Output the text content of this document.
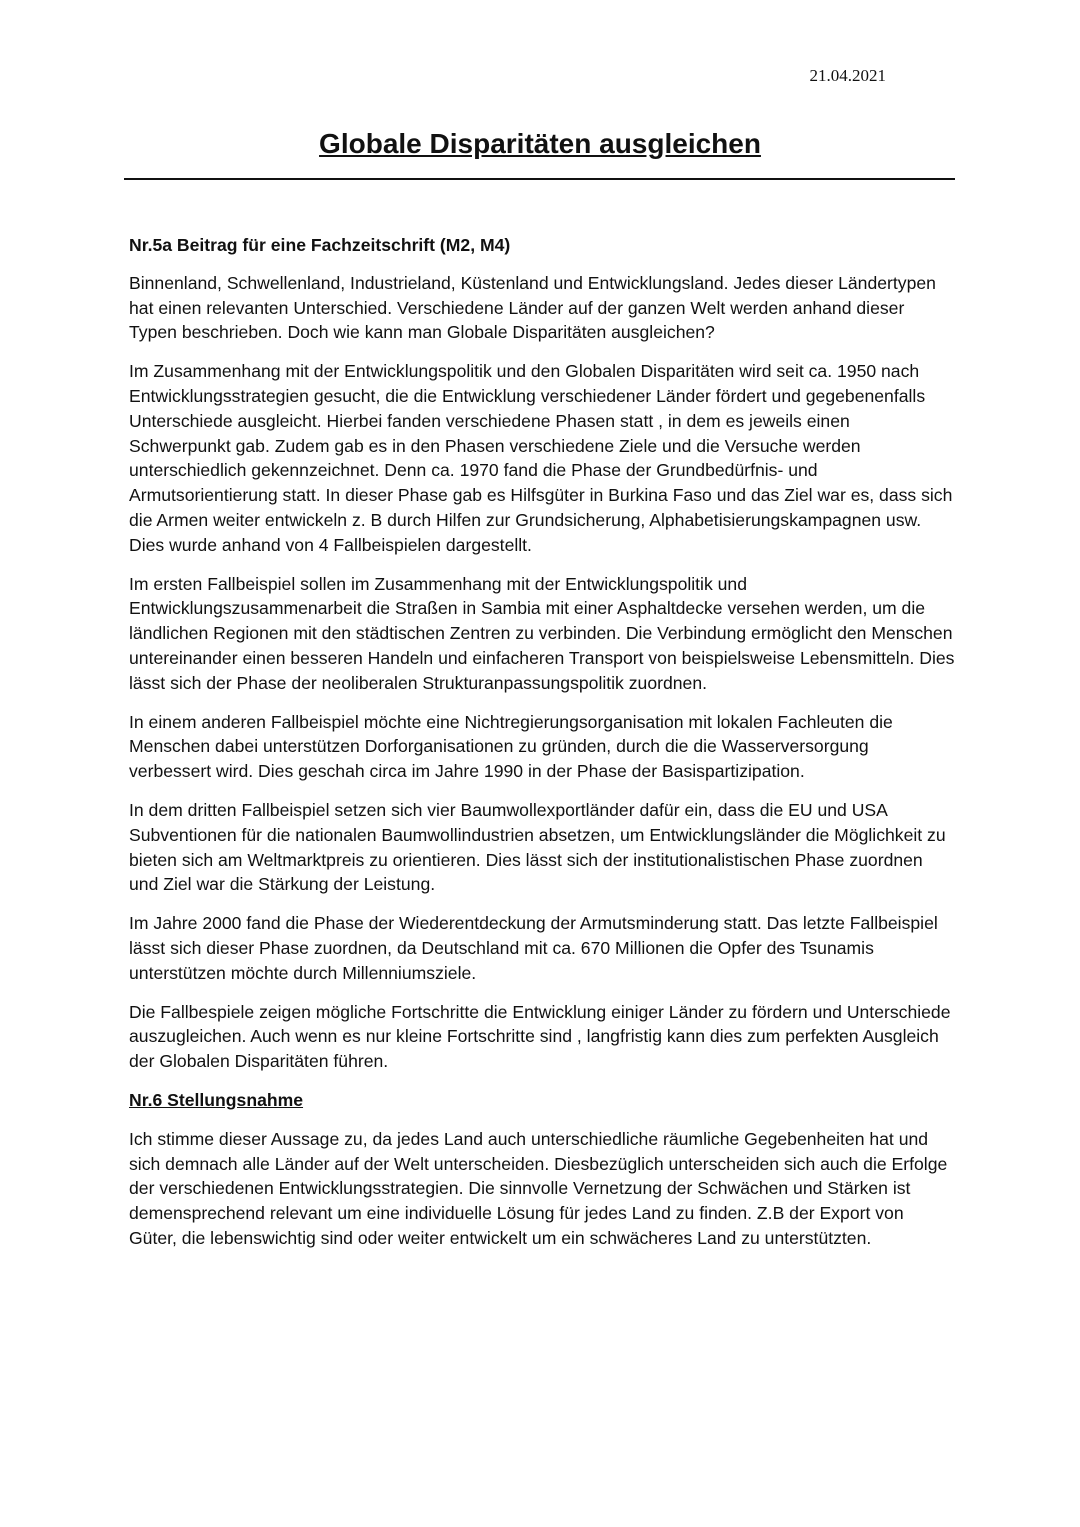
21.04.2021
Globale Disparitäten ausgleichen
Nr.5a Beitrag für eine Fachzeitschrift (M2, M4)

Binnenland, Schwellenland, Industrieland, Küstenland und Entwicklungsland. Jedes dieser Ländertypen hat einen relevanten Unterschied. Verschiedene Länder auf der ganzen Welt werden anhand dieser Typen beschrieben. Doch wie kann man Globale Disparitäten ausgleichen?

Im Zusammenhang mit der Entwicklungspolitik und den Globalen Disparitäten wird seit ca. 1950 nach Entwicklungsstrategien gesucht, die die Entwicklung verschiedener Länder fördert und gegebenenfalls Unterschiede ausgleicht. Hierbei fanden verschiedene Phasen statt , in dem es jeweils einen Schwerpunkt gab. Zudem gab es in den Phasen verschiedene Ziele und die Versuche werden unterschiedlich gekennzeichnet. Denn ca. 1970 fand die Phase der Grundbedürfnis- und Armutsorientierung statt. In dieser Phase gab es Hilfsgüter in Burkina Faso und das Ziel war es, dass sich die Armen weiter entwickeln z. B durch Hilfen zur Grundsicherung, Alphabetisierungskampagnen usw. Dies wurde anhand von 4 Fallbeispielen dargestellt.

Im ersten Fallbeispiel sollen im Zusammenhang mit der Entwicklungspolitik und Entwicklungszusammenarbeit die Straßen in Sambia mit einer Asphaltdecke versehen werden, um die ländlichen Regionen mit den städtischen Zentren zu verbinden. Die Verbindung ermöglicht den Menschen untereinander einen besseren Handeln und einfacheren Transport von beispielsweise Lebensmitteln. Dies lässt sich der Phase der neoliberalen Strukturanpassungspolitik zuordnen.

In einem anderen Fallbeispiel möchte eine Nichtregierungsorganisation mit lokalen Fachleuten die Menschen dabei unterstützen Dorforganisationen zu gründen, durch die die Wasserversorgung verbessert wird. Dies geschah circa im Jahre 1990 in der Phase der Basispartizipation.

In dem dritten Fallbeispiel setzen sich vier Baumwollexportländer dafür ein, dass die EU und USA Subventionen für die nationalen Baumwollindustrien absetzen, um Entwicklungsländer die Möglichkeit zu bieten sich am Weltmarktpreis zu orientieren. Dies lässt sich der institutionalistischen Phase zuordnen und Ziel war die Stärkung der Leistung.

Im Jahre 2000 fand die Phase der Wiederentdeckung der Armutsminderung statt. Das letzte Fallbeispiel lässt sich dieser Phase zuordnen, da Deutschland mit ca. 670 Millionen die Opfer des Tsunamis unterstützen möchte durch Millenniumsziele.

Die Fallbespiele zeigen mögliche Fortschritte die Entwicklung einiger Länder zu fördern und Unterschiede auszugleichen. Auch wenn es nur kleine Fortschritte sind , langfristig kann dies zum perfekten Ausgleich der Globalen Disparitäten führen.

Nr.6 Stellungsnahme

Ich stimme dieser Aussage zu, da jedes Land auch unterschiedliche räumliche Gegebenheiten hat und sich demnach alle Länder auf der Welt unterscheiden. Diesbezüglich unterscheiden sich auch die Erfolge der verschiedenen Entwicklungsstrategien. Die sinnvolle Vernetzung der Schwächen und Stärken ist demensprechend relevant um eine individuelle Lösung für jedes Land zu finden. Z.B der Export von Güter, die lebenswichtig sind oder weiter entwickelt um ein schwächeres Land zu unterstützten.
